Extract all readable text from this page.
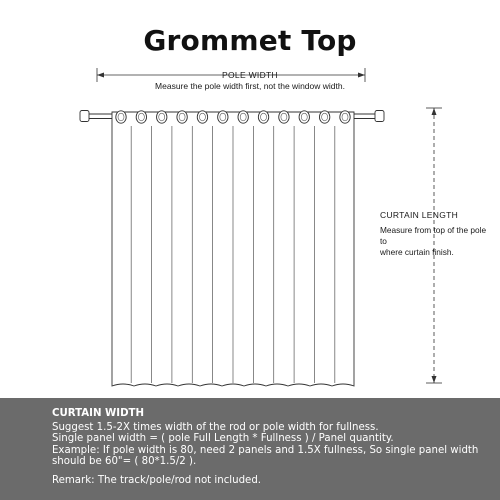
Grommet Top
POLE WIDTH
Measure the pole width first, not the window width.
CURTAIN LENGTH
Measure from top of the pole to
where curtain finish.
CURTAIN WIDTH
Suggest 1.5-2X times width of the rod or pole width for fullness.
Single panel width = ( pole Full Length * Fullness ) / Panel quantity.
Example: If pole width is 80, need 2 panels and 1.5X fullness, So single panel width
should be 60"= ( 80*1.5/2 ).
Remark: The track/pole/rod not included.
